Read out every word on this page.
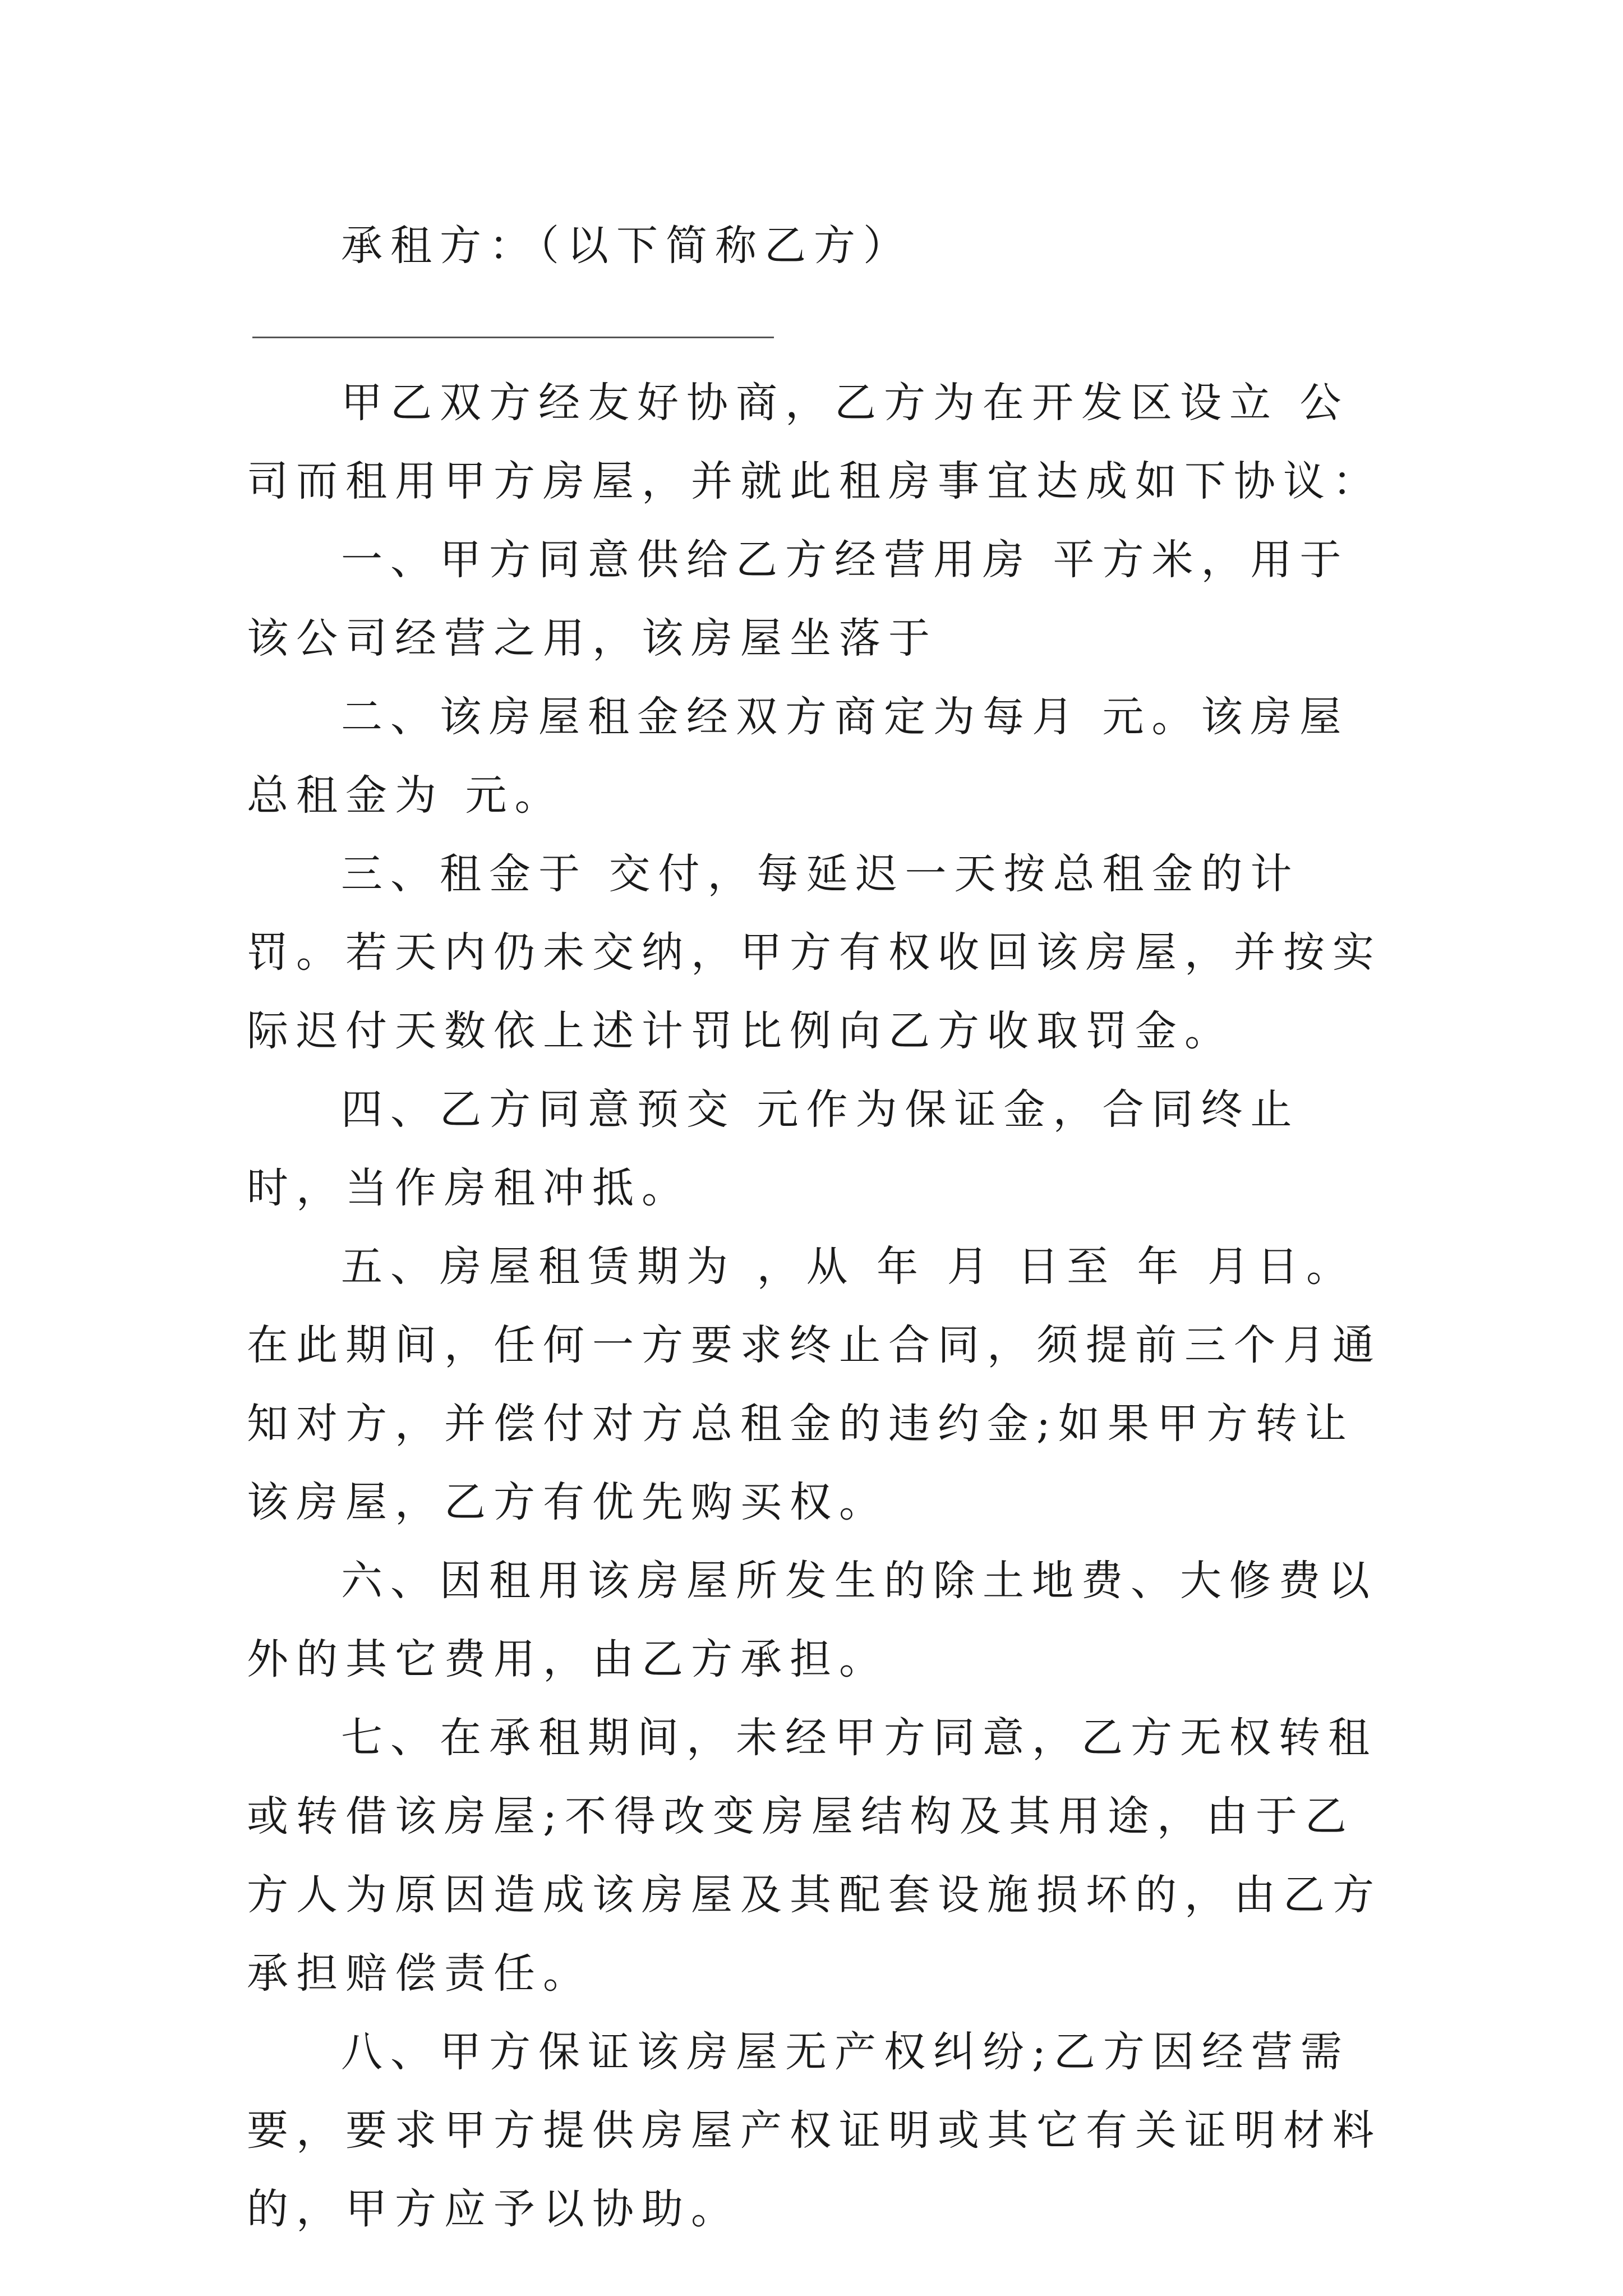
承租方：（以下简称乙方）

甲乙双方经友好协商，乙方为在开发区设立 公司而租用甲方房屋，并就此租房事宜达成如下协议：

一、甲方同意供给乙方经营用房 平方米，用于该公司经营之用，该房屋坐落于

二、该房屋租金经双方商定为每月 元。该房屋总租金为 元。

三、租金于 交付，每延迟一天按总租金的计罚。若天内仍未交纳，甲方有权收回该房屋，并按实际迟付天数依上述计罚比例向乙方收取罚金。

四、乙方同意预交 元作为保证金，合同终止时，当作房租冲抵。

五、房屋租赁期为 ，从 年 月 日至 年 月日。在此期间，任何一方要求终止合同，须提前三个月通知对方，并偿付对方总租金的违约金;如果甲方转让该房屋，乙方有优先购买权。

六、因租用该房屋所发生的除土地费、大修费以外的其它费用，由乙方承担。

七、在承租期间，未经甲方同意，乙方无权转租或转借该房屋;不得改变房屋结构及其用途，由于乙方人为原因造成该房屋及其配套设施损坏的，由乙方承担赔偿责任。

八、甲方保证该房屋无产权纠纷;乙方因经营需要，要求甲方提供房屋产权证明或其它有关证明材料的，甲方应予以协助。
